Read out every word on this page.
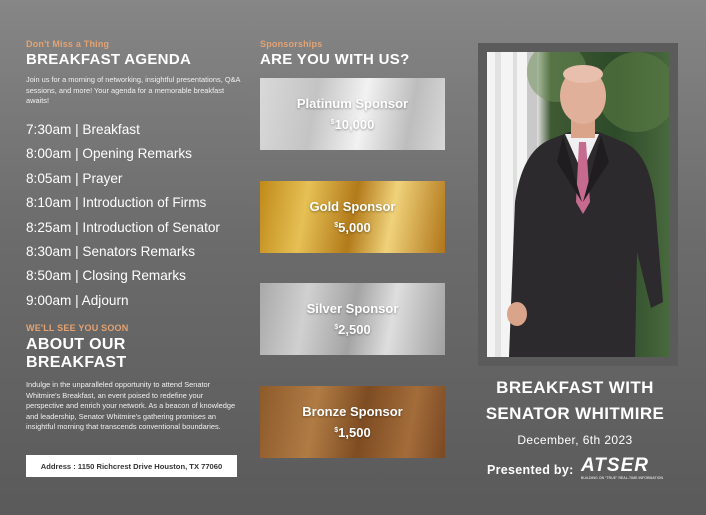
Don't Miss a Thing
BREAKFAST AGENDA
Join us for a morning of networking, insightful presentations, Q&A sessions, and more! Your agenda for a memorable breakfast awaits!
7:30am | Breakfast
8:00am | Opening Remarks
8:05am | Prayer
8:10am | Introduction of Firms
8:25am | Introduction of Senator
8:30am | Senators Remarks
8:50am | Closing Remarks
9:00am | Adjourn
WE'LL SEE YOU SOON
ABOUT OUR
BREAKFAST
Indulge in the unparalleled opportunity to attend Senator Whitmire's Breakfast, an event poised to redefine your perspective and enrich your network. As a beacon of knowledge and leadership, Senator Whitmire's gathering promises an insightful morning that transcends conventional boundaries.
Address : 1150 Richcrest Drive Houston, TX 77060
Sponsorships
ARE YOU WITH US?
Platinum Sponsor
$10,000
Gold Sponsor
$5,000
Silver Sponsor
$2,500
Bronze Sponsor
$1,500
BREAKFAST WITH
SENATOR WHITMIRE
December, 6th 2023
Presented by: ATSER
BUILDING ON "TRUE" REAL-TIME INFORMATION
